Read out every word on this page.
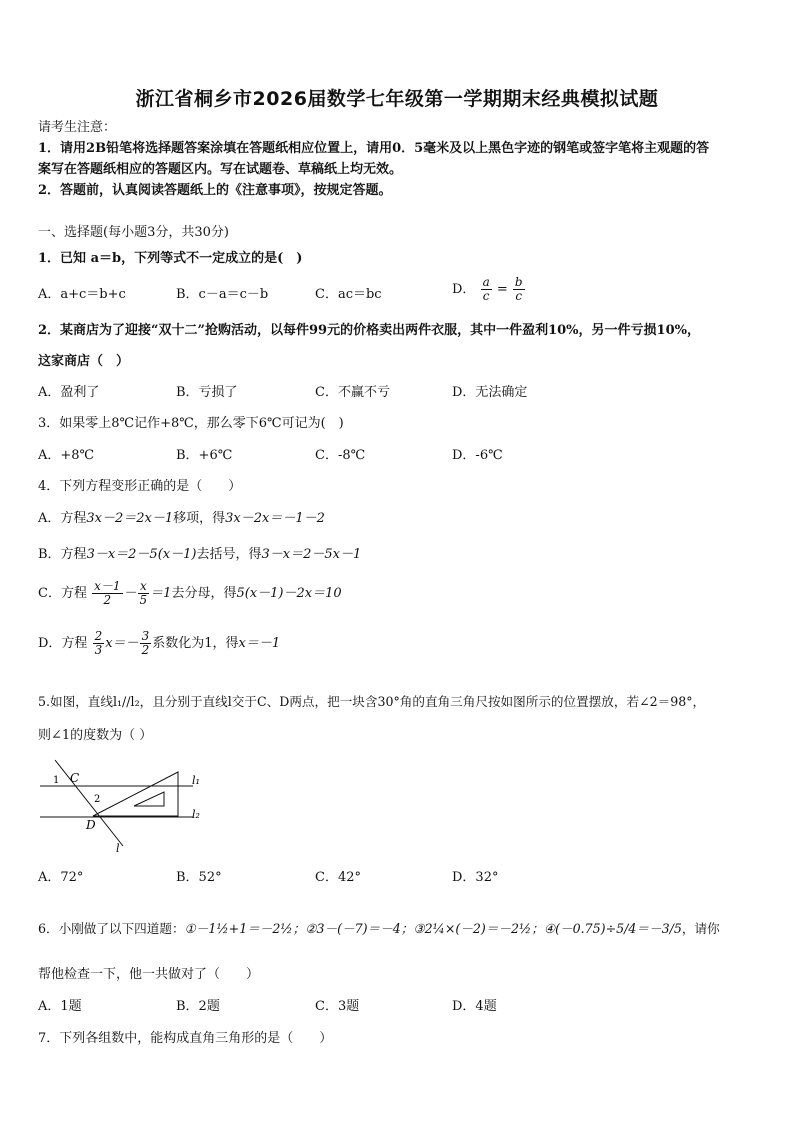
浙江省桐乡市2026届数学七年级第一学期期末经典模拟试题
请考生注意：
1．请用2B铅笔将选择题答案涂填在答题纸相应位置上，请用0．5毫米及以上黑色字迹的钢笔或签字笔将主观题的答
案写在答题纸相应的答题区内。写在试题卷、草稿纸上均无效。
2．答题前，认真阅读答题纸上的《注意事项》，按规定答题。
一、选择题(每小题3分，共30分)
1．已知 a＝b，下列等式不一定成立的是(　)
A．a+c＝b+c	B．c－a＝c－b	C．ac＝bc	D． $\frac{a}{c} = \frac{b}{c}$
2．某商店为了迎接“双十二”抢购活动，以每件99元的价格卖出两件衣服，其中一件盈利10%，另一件亏损10%，
这家商店（　）
A．盈利了	B．亏损了	C．不赢不亏	D．无法确定
3．如果零上8℃记作+8℃，那么零下6℃可记为(　)
A．+8℃	B．+6℃	C．-8℃	D．-6℃
4．下列方程变形正确的是（　　）
A．方程3x－2＝2x－1移项，得3x－2x＝－1－2
B．方程3－x＝2－5(x－1)去括号，得3－x＝2－5x－1
C．方程 $\frac{x-1}{2} - \frac{x}{5} =1$去分母，得5(x－1)－2x＝10
D．方程 $\frac{2}{3} x=- \frac{3}{2}$ 系数化为1，得x＝－1
5.如图，直线l₁//l₂，且分别于直线l交于C、D两点，把一块含30°角的直角三角尺按如图所示的位置摆放，若∠2＝98°，
则∠1的度数为（ ）
l₁
l₂
l
C
D
1
2
A．72°	B．52°	C．42°	D．32°
6．小刚做了以下四道题：①－1½+1＝－2½；②3－(－7)＝－4；③2¼×(－2)＝－2½；④(－0.75)÷5/4＝－3/5，请你
帮他检查一下，他一共做对了（　　）
A．1题	B．2题	C．3题	D．4题
7．下列各组数中，能构成直角三角形的是（　　）
